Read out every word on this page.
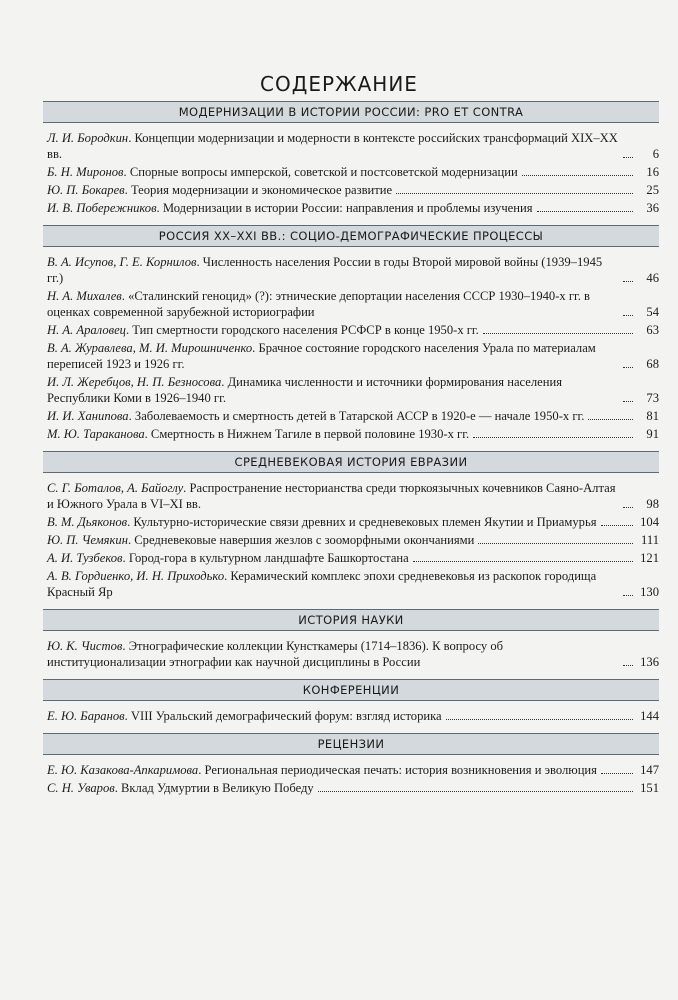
СОДЕРЖАНИЕ
МОДЕРНИЗАЦИИ В ИСТОРИИ РОССИИ: PRO ET CONTRA
Л. И. Бородкин. Концепции модернизации и модерности в контексте российских трансформаций XIX–XX вв.	6
Б. Н. Миронов. Спорные вопросы имперской, советской и постсоветской модернизации	16
Ю. П. Бокарев. Теория модернизации и экономическое развитие	25
И. В. Побережников. Модернизации в истории России: направления и проблемы изучения	36
РОССИЯ XX–XXI ВВ.: СОЦИО-ДЕМОГРАФИЧЕСКИЕ ПРОЦЕССЫ
В. А. Исупов, Г. Е. Корнилов. Численность населения России в годы Второй мировой войны (1939–1945 гг.)	46
Н. А. Михалев. «Сталинский геноцид» (?): этнические депортации населения СССР 1930–1940-х гг. в оценках современной зарубежной историографии	54
Н. А. Араловец. Тип смертности городского населения РСФСР в конце 1950-х гг.	63
В. А. Журавлева, М. И. Мирошниченко. Брачное состояние городского населения Урала по материалам переписей 1923 и 1926 гг.	68
И. Л. Жеребцов, Н. П. Безносова. Динамика численности и источники формирования населения Республики Коми в 1926–1940 гг.	73
И. И. Ханипова. Заболеваемость и смертность детей в Татарской АССР в 1920-е — начале 1950-х гг.	81
М. Ю. Тараканова. Смертность в Нижнем Тагиле в первой половине 1930-х гг.	91
СРЕДНЕВЕКОВАЯ ИСТОРИЯ ЕВРАЗИИ
С. Г. Боталов, А. Байоглу. Распространение несторианства среди тюркоязычных кочевников Саяно-Алтая и Южного Урала в VI–XI вв.	98
В. М. Дьяконов. Культурно-исторические связи древних и средневековых племен Якутии и Приамурья	104
Ю. П. Чемякин. Средневековые навершия жезлов с зооморфными окончаниями	111
А. И. Тузбеков. Город-гора в культурном ландшафте Башкортостана	121
А. В. Гордиенко, И. Н. Приходько. Керамический комплекс эпохи средневековья из раскопок городища Красный Яр	130
ИСТОРИЯ НАУКИ
Ю. К. Чистов. Этнографические коллекции Кунсткамеры (1714–1836). К вопросу об институционализации этнографии как научной дисциплины в России	136
КОНФЕРЕНЦИИ
Е. Ю. Баранов. VIII Уральский демографический форум: взгляд историка	144
РЕЦЕНЗИИ
Е. Ю. Казакова-Апкаримова. Региональная периодическая печать: история возникновения и эволюция	147
С. Н. Уваров. Вклад Удмуртии в Великую Победу	151
